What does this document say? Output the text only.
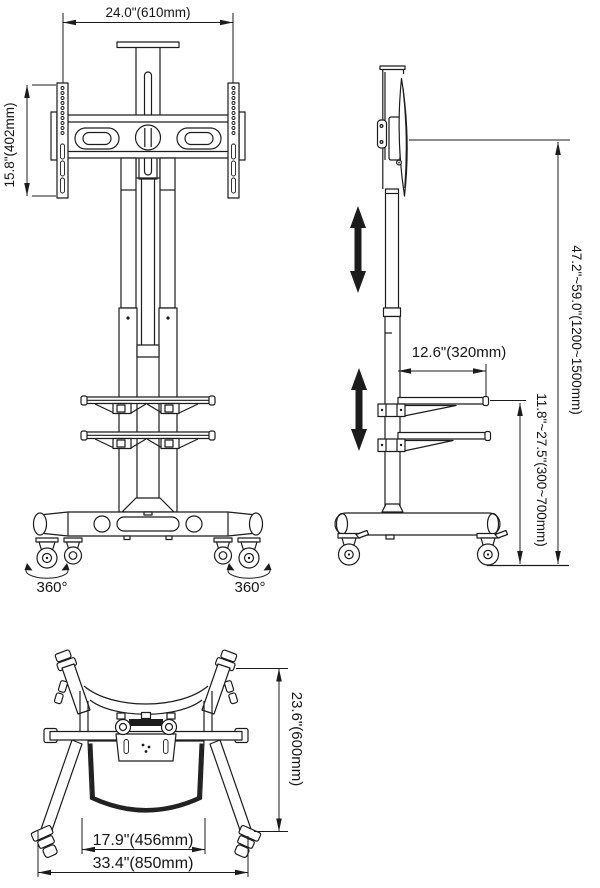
360°	360°
24.0"(610mm)
15.8"(402mm)
12.6"(320mm)	47.2"~59.0"(1200~1500mm)
11.8"~27.5"(300~700mm)
23.6"(600mm)
17.9"(456mm)
33.4"(850mm)
